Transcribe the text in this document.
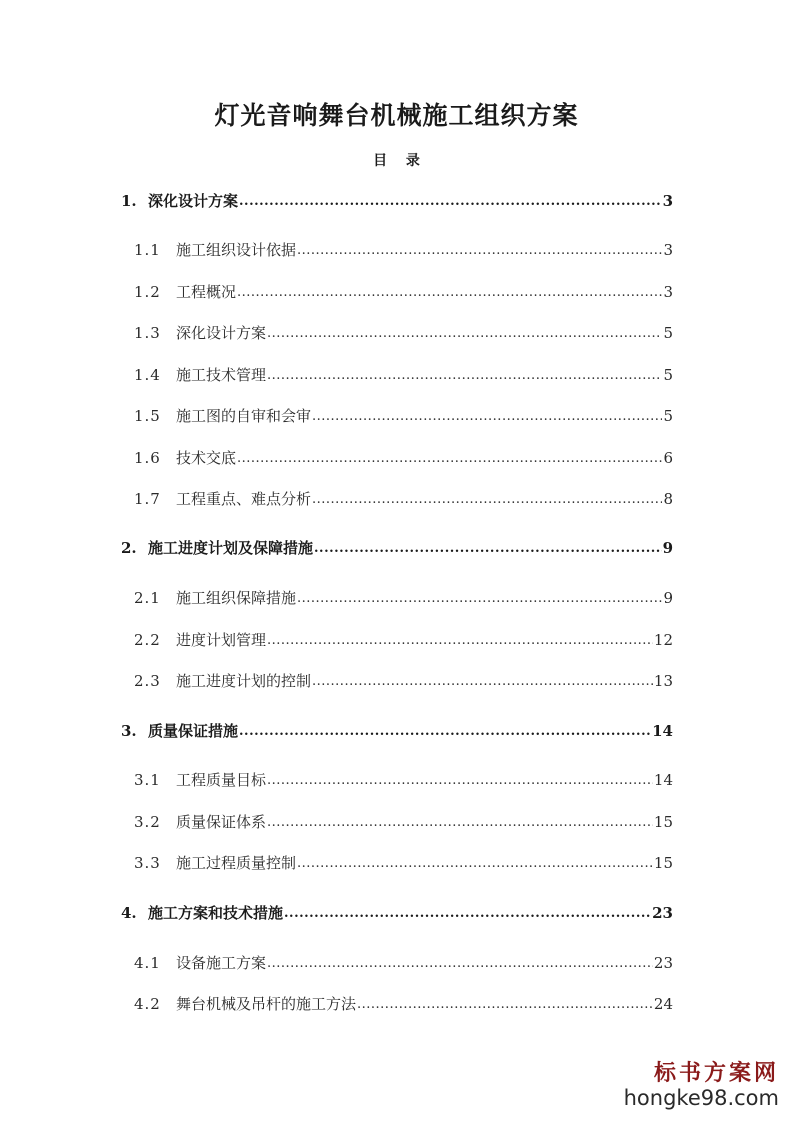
灯光音响舞台机械施工组织方案
目 录
1. 深化设计方案 .....	3
1.1	施工组织设计依据 .....	3
1.2	工程概况 .....	3
1.3	深化设计方案 .....	5
1.4	施工技术管理 .....	5
1.5	施工图的自审和会审 .....	5
1.6	技术交底 .....	6
1.7	工程重点、难点分析 .....	8
2. 施工进度计划及保障措施 .....	9
2.1	施工组织保障措施 .....	9
2.2	进度计划管理 .....	12
2.3	施工进度计划的控制 .....	13
3. 质量保证措施 .....	14
3.1	工程质量目标 .....	14
3.2	质量保证体系 .....	15
3.3	施工过程质量控制 .....	15
4. 施工方案和技术措施 .....	23
4.1	设备施工方案 .....	23
4.2	舞台机械及吊杆的施工方法 .....	24
标书方案网
hongke98.com
